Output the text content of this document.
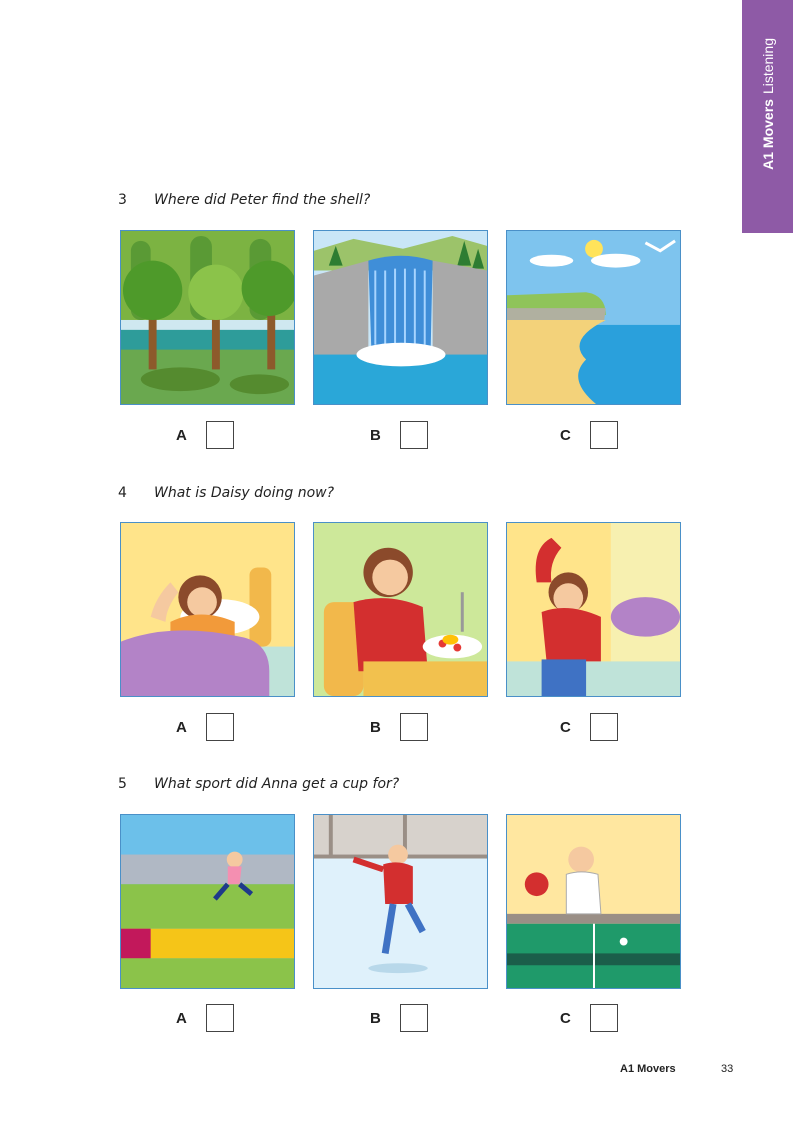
A1 Movers
Listening
3 Where did Peter find the shell?
A	B	C
4 What is Daisy doing now?
A	B	C
5 What sport did Anna get a cup for?
A	B	C
A1 Movers	33
